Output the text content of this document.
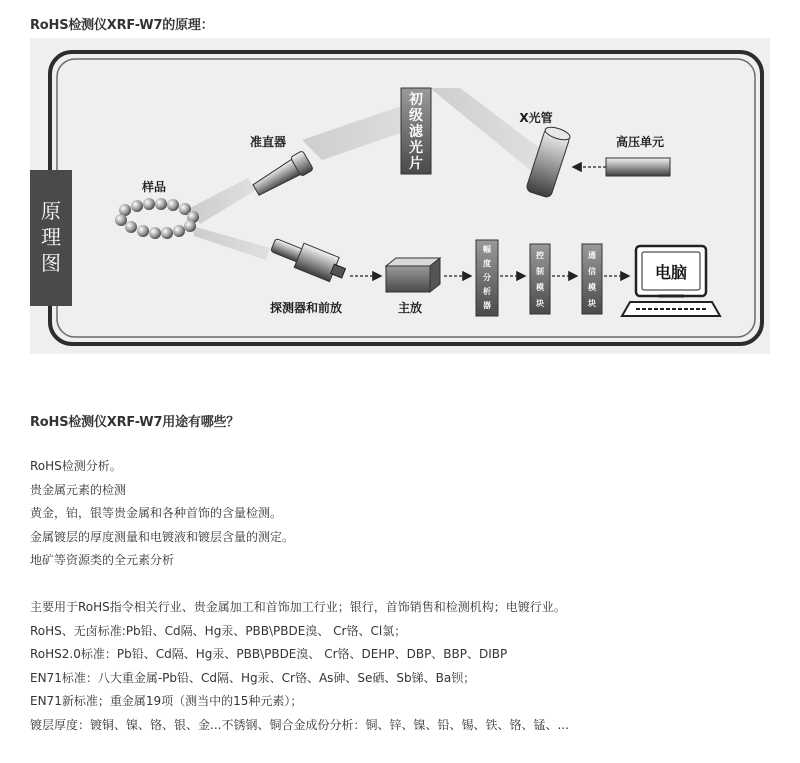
RoHS检测仪XRF-W7的原理：
原
理
图
初
级
滤
光
片
X光管
高压单元
准直器
样品
探测器和前放	主放
幅
度
分
析
器
控
制
模
块
通
信
模
块
电脑
RoHS检测仪XRF-W7用途有哪些？
RoHS检测分析。
贵金属元素的检测
黄金，铂，银等贵金属和各种首饰的含量检测。
金属镀层的厚度测量和电镀液和镀层含量的测定。
地矿等资源类的全元素分析
主要用于RoHS指令相关行业、贵金属加工和首饰加工行业；银行，首饰销售和检测机构；电镀行业。
RoHS、无卤标准:Pb铅、Cd隔、Hg汞、PBB\PBDE溴、 Cr铬、Cl氯；
RoHS2.0标准：Pb铅、Cd隔、Hg汞、PBB\PBDE溴、 Cr铬、DEHP、DBP、BBP、DIBP
EN71标准：八大重金属-Pb铅、Cd隔、Hg汞、Cr铬、As砷、Se硒、Sb锑、Ba钡；
EN71新标准；重金属19项（测当中的15种元素）；
镀层厚度：镀铜、镍、铬、银、金...不锈钢、铜合金成份分析：铜、锌、镍、铅、锡、铁、铬、锰、...
